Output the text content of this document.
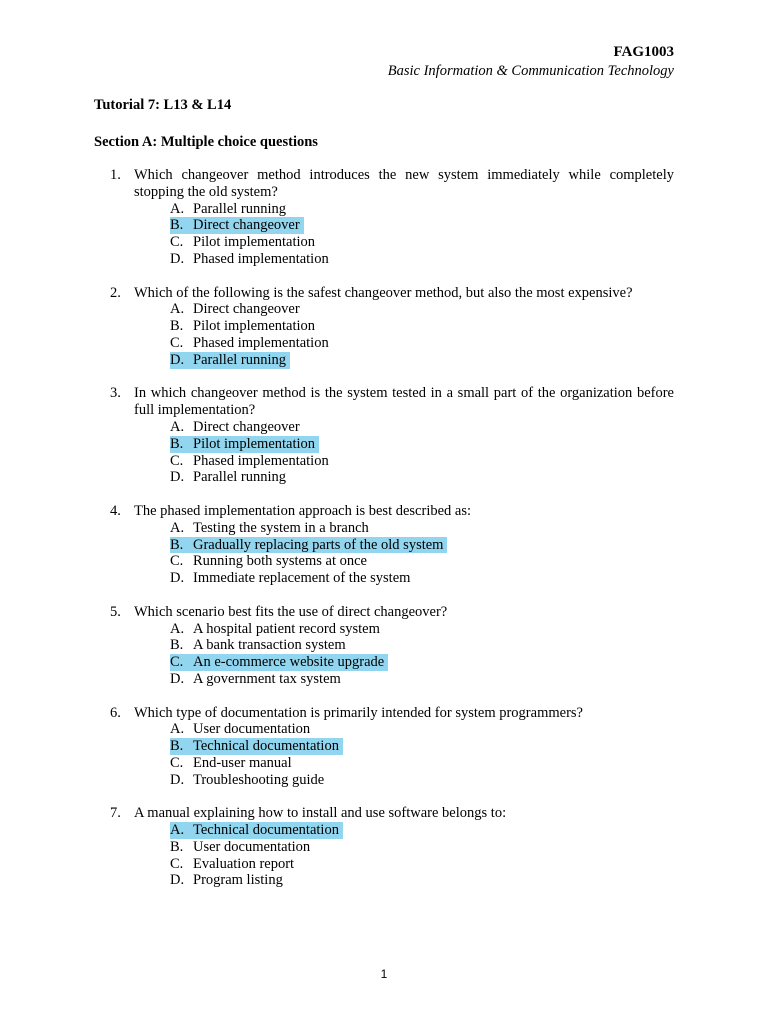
FAG1003
Basic Information & Communication Technology
Tutorial 7: L13 & L14
Section A: Multiple choice questions
1. Which changeover method introduces the new system immediately while completely stopping the old system?
A. Parallel running
B. Direct changeover
C. Pilot implementation
D. Phased implementation
2. Which of the following is the safest changeover method, but also the most expensive?
A. Direct changeover
B. Pilot implementation
C. Phased implementation
D. Parallel running
3. In which changeover method is the system tested in a small part of the organization before full implementation?
A. Direct changeover
B. Pilot implementation
C. Phased implementation
D. Parallel running
4. The phased implementation approach is best described as:
A. Testing the system in a branch
B. Gradually replacing parts of the old system
C. Running both systems at once
D. Immediate replacement of the system
5. Which scenario best fits the use of direct changeover?
A. A hospital patient record system
B. A bank transaction system
C. An e-commerce website upgrade
D. A government tax system
6. Which type of documentation is primarily intended for system programmers?
A. User documentation
B. Technical documentation
C. End-user manual
D. Troubleshooting guide
7. A manual explaining how to install and use software belongs to:
A. Technical documentation
B. User documentation
C. Evaluation report
D. Program listing
1
